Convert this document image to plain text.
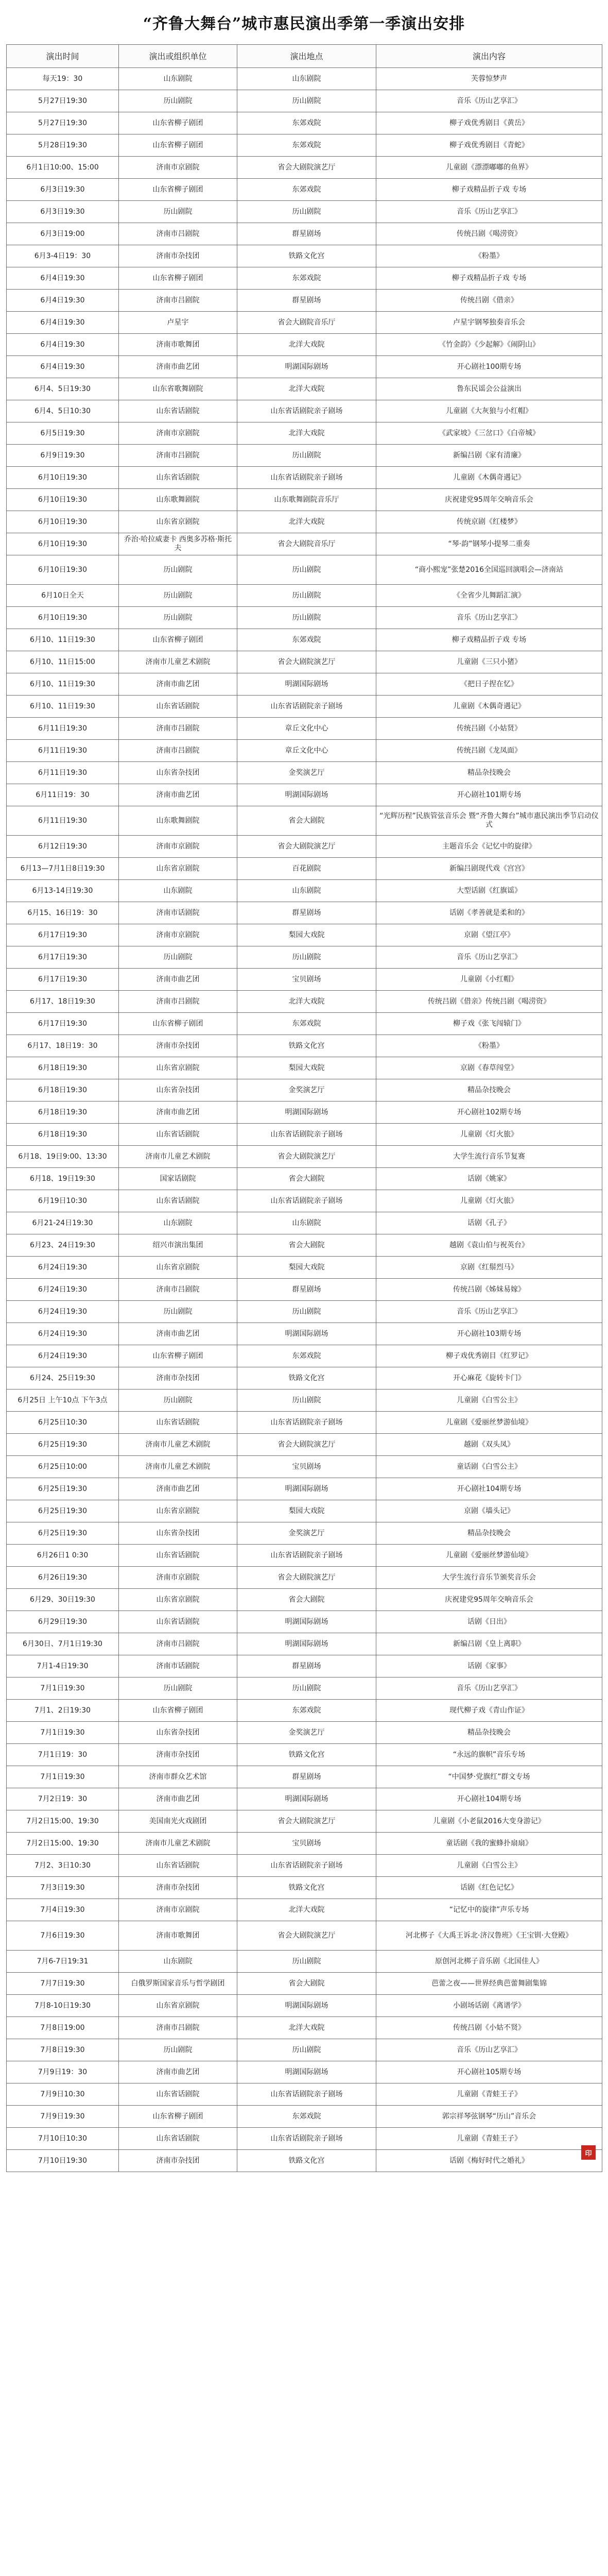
“齐鲁大舞台”城市惠民演出季第一季演出安排
演出时间	演出或组织单位	演出地点	演出内容
每天19：30	山东剧院	山东剧院	芙蓉惊梦声
5月27日19:30	历山剧院	历山剧院	音乐《历山艺享汇》
5月27日19:30	山东省柳子剧团	东郊戏院	柳子戏优秀剧目《黄岳》
5月28日19:30	山东省柳子剧团	东郊戏院	柳子戏优秀剧目《青蛇》
6月1日10:00、15:00	济南市京剧院	省会大剧院演艺厅	儿童剧《漂漂嘟嘟的鱼界》
6月3日19:30	山东省柳子剧团	东郊戏院	柳子戏精品折子戏 专场
6月3日19:30	历山剧院	历山剧院	音乐《历山艺享汇》
6月3日19:00	济南市吕剧院	群星剧场	传统吕剧《喝涝资》
6月3-4日19：30	济南市杂技团	铁路文化宫	《粉墨》
6月4日19:30	山东省柳子剧团	东郊戏院	柳子戏精品折子戏 专场
6月4日19:30	济南市吕剧院	群星剧场	传统吕剧《借亲》
6月4日19:30	卢星宇	省会大剧院音乐厅	卢星宇钢琴独奏音乐会
6月4日19:30	济南市歌舞团	北洋大戏院	《竹金韵》《少起解》《闹阴山》
6月4日19:30	济南市曲艺团	明湖国际剧场	开心剧社100期专场
6月4、5日19:30	山东省歌舞剧院	北洋大戏院	鲁东民谣会公益演出
6月4、5日10:30	山东省话剧院	山东省话剧院亲子剧场	儿童剧《大灰狼与小红帽》
6月5日19:30	济南市京剧院	北洋大戏院	《武家坡》《三岔口》《白帝城》
6月9日19:30	济南市吕剧院	历山剧院	新编吕剧《家有清廉》
6月10日19:30	山东省话剧院	山东省话剧院亲子剧场	儿童剧《木偶奇遇记》
6月10日19:30	山东歌舞剧院	山东歌舞剧院音乐厅	庆祝建党95周年交响音乐会
6月10日19:30	山东省京剧院	北洋大戏院	传统京剧《红楼梦》
6月10日19:30	乔治·哈拉威妻卡 西奥多苏格·斯托夫	省会大剧院音乐厅	“琴·韵”钢琴小提琴二重奏
6月10日19:30	历山剧院	历山剧院	“商小熙宠”张楚2016全国巡回演唱会—济南站
6月10日全天	历山剧院	历山剧院	《全省少儿舞蹈汇演》
6月10日19:30	历山剧院	历山剧院	音乐《历山艺享汇》
6月10、11日19:30	山东省柳子剧团	东郊戏院	柳子戏精品折子戏 专场
6月10、11日15:00	济南市儿童艺术剧院	省会大剧院演艺厅	儿童剧《三只小猪》
6月10、11日19:30	济南市曲艺团	明湖国际剧场	《把日子捏在忆》
6月10、11日19:30	山东省话剧院	山东省话剧院亲子剧场	儿童剧《木偶奇遇记》
6月11日19:30	济南市吕剧院	章丘文化中心	传统吕剧《小姑贤》
6月11日19:30	济南市吕剧院	章丘文化中心	传统吕剧《龙凤面》
6月11日19:30	山东省杂技团	金奖演艺厅	精品杂技晚会
6月11日19：30	济南市曲艺团	明湖国际剧场	开心剧社101期专场
6月11日19:30	山东歌舞剧院	省会大剧院	“光辉历程”民族管弦音乐会 暨“齐鲁大舞台”城市惠民演出季节启动仪式
6月12日19:30	济南市京剧院	省会大剧院演艺厅	主题音乐会《记忆中的旋律》
6月13—7月1日8日19:30	山东省京剧院	百花剧院	新编吕剧现代戏《宫宫》
6月13-14日19:30	山东剧院	山东剧院	大型话剧《红旗谣》
6月15、16日19：30	济南市话剧院	群星剧场	话剧《孝善就是柔和的》
6月17日19:30	济南市京剧院	梨园大戏院	京剧《望江亭》
6月17日19:30	历山剧院	历山剧院	音乐《历山艺享汇》
6月17日19:30	济南市曲艺团	宝贝剧场	儿童剧《小红帽》
6月17、18日19:30	济南市吕剧院	北洋大戏院	传统吕剧《借亲》传统吕剧《喝涝资》
6月17日19:30	山东省柳子剧团	东郊戏院	柳子戏《张飞闯辕门》
6月17、18日19：30	济南市杂技团	铁路文化宫	《粉墨》
6月18日19:30	山东省京剧院	梨园大戏院	京剧《春草闯堂》
6月18日19:30	山东省杂技团	金奖演艺厅	精品杂技晚会
6月18日19:30	济南市曲艺团	明湖国际剧场	开心剧社102期专场
6月18日19:30	山东省话剧院	山东省话剧院亲子剧场	儿童剧《灯火旅》
6月18、19日9:00、13:30	济南市儿童艺术剧院	省会大剧院演艺厅	大学生流行音乐节复赛
6月18、19日19:30	国家话剧院	省会大剧院	话剧《姚家》
6月19日10:30	山东省话剧院	山东省话剧院亲子剧场	儿童剧《灯火旅》
6月21-24日19:30	山东剧院	山东剧院	话剧《孔子》
6月23、24日19:30	绍兴市演出集团	省会大剧院	越剧《袁山伯与祝英台》
6月24日19:30	山东省京剧院	梨园大戏院	京剧《红鬃烈马》
6月24日19:30	济南市吕剧院	群星剧场	传统吕剧《姊妹易嫁》
6月24日19:30	历山剧院	历山剧院	音乐《历山艺享汇》
6月24日19:30	济南市曲艺团	明湖国际剧场	开心剧社103期专场
6月24日19:30	山东省柳子剧团	东郊戏院	柳子戏优秀剧目《红罗记》
6月24、25日19:30	济南市杂技团	铁路文化宫	开心麻花《旋转卡门》
6月25日 上午10点 下午3点	历山剧院	历山剧院	儿童剧《白雪公主》
6月25日10:30	山东省话剧院	山东省话剧院亲子剧场	儿童剧《爱丽丝梦游仙境》
6月25日19:30	济南市儿童艺术剧院	省会大剧院演艺厅	越剧《双头凤》
6月25日10:00	济南市儿童艺术剧院	宝贝剧场	童话剧《白雪公主》
6月25日19:30	济南市曲艺团	明湖国际剧场	开心剧社104期专场
6月25日19:30	山东省京剧院	梨园大戏院	京剧《墙头记》
6月25日19:30	山东省杂技团	金奖演艺厅	精品杂技晚会
6月26日1 0:30	山东省话剧院	山东省话剧院亲子剧场	儿童剧《爱丽丝梦游仙境》
6月26日19:30	济南市京剧院	省会大剧院演艺厅	大学生流行音乐节颁奖音乐会
6月29、30日19:30	山东省京剧院	省会大剧院	庆祝建党95周年交响音乐会
6月29日19:30	山东省话剧院	明湖国际剧场	话剧《日出》
6月30日、7月1日19:30	济南市吕剧院	明湖国际剧场	新编吕剧《皇上离职》
7月1-4日19:30	济南市话剧院	群星剧场	话剧《家事》
7月1日19:30	历山剧院	历山剧院	音乐《历山艺享汇》
7月1、2日19:30	山东省柳子剧团	东郊戏院	现代柳子戏《青山作证》
7月1日19:30	山东省杂技团	金奖演艺厅	精品杂技晚会
7月1日19：30	济南市杂技团	铁路文化宫	“永远的旗帜”音乐专场
7月1日19:30	济南市群众艺术馆	群星剧场	“中国梦·党旗红”群文专场
7月2日19：30	济南市曲艺团	明湖国际剧场	开心剧社104期专场
7月2日15:00、19:30	美国南光火戏剧团	省会大剧院演艺厅	儿童剧《小老鼠2016大变身游记》
7月2日15:00、19:30	济南市儿童艺术剧院	宝贝剧场	童话剧《我的蜜蜂扑扇扇》
7月2、3日10:30	山东省话剧院	山东省话剧院亲子剧场	儿童剧《白雪公主》
7月3日19:30	济南市杂技团	铁路文化宫	话剧《红色记忆》
7月4日19:30	济南市京剧院	北洋大戏院	“记忆中的旋律”声乐专场
7月6日19:30	济南市歌舞团	省会大剧院演艺厅	河北梆子《大禹王诉北·济汉鲁班》《王宝钏·大登殿》
7月6-7日19:31	山东剧院	历山剧院	原创河北梆子音乐剧《北国佳人》
7月7日19:30	白俄罗斯国家音乐与哲学剧团	省会大剧院	芭蕾之夜——世界经典芭蕾舞剧集锦
7月8-10日19:30	山东省京剧院	明湖国际剧场	小剧场话剧《离谱学》
7月8日19:00	济南市吕剧院	北洋大戏院	传统吕剧《小姑不贤》
7月8日19:30	历山剧院	历山剧院	音乐《历山艺享汇》
7月9日19：30	济南市曲艺团	明湖国际剧场	开心剧社105期专场
7月9日10:30	山东省话剧院	山东省话剧院亲子剧场	儿童剧《青蛙王子》
7月9日19:30	山东省柳子剧团	东郊戏院	郭宗祥琴弦钢琴“历山”音乐会
7月10日10:30	山东省话剧院	山东省话剧院亲子剧场	儿童剧《青蛙王子》
7月10日19:30	济南市杂技团	铁路文化宫	话剧《梅好时代之婚礼》
印
